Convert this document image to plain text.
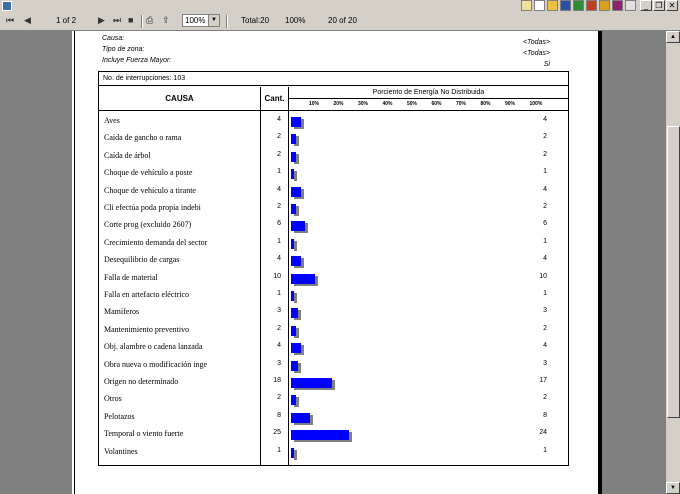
_ ❐ ✕
⏮ ◀	1 of 2 ▶ ⏭ ■ ⎙ ⇪	100% ▼	Total:20 100%	20 of 20
Causa:
<Todas>
Tipo de zona:
<Todas>
Incluye Fuerza Mayor:
Si
No. de interrupciones: 103
CAUSA	Cant.
Porciento de Energía No Distribuida
10%	20%	30%	40%	50%	60%	70%	80%	90%	100%
Aves	4	4
Caída de gancho o rama	2	2
Caída de árbol	2	2
Choque de vehículo a poste	1	1
Choque de vehículo a tirante	4	4
Cli efectúa poda propia indebi	2	2
Corte prog (excluido 2607)	6	6
Crecimiento demanda del sector	1	1
Desequilibrio de cargas	4	4
Falla de material	10	10
Falla en artefacto eléctrico	1	1
Mamíferos	3	3
Mantenimiento preventivo	2	2
Obj. alambre o cadena lanzada	4	4
Obra nueva o modificación inge	3	3
Origen no determinado	18	17
Otros	2	2
Pelotazos	8	8
Temporal o viento fuerte	25	24
Volantines	1	1
▲
▼
